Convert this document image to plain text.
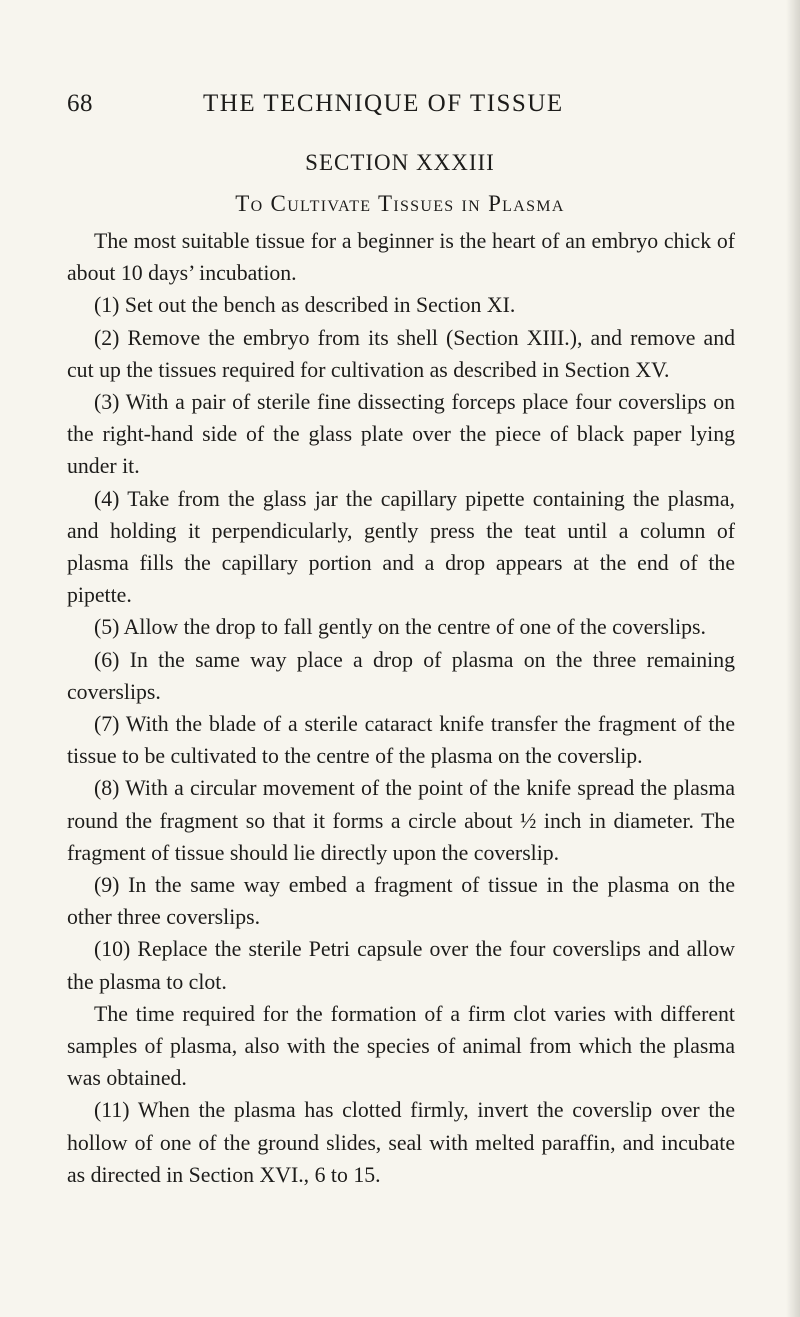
68	THE TECHNIQUE OF TISSUE
SECTION XXXIII
To Cultivate Tissues in Plasma

The most suitable tissue for a beginner is the heart of an embryo chick of about 10 days’ incubation.

(1) Set out the bench as described in Section XI.

(2) Remove the embryo from its shell (Section XIII.), and remove and cut up the tissues required for cultivation as described in Section XV.

(3) With a pair of sterile fine dissecting forceps place four coverslips on the right-hand side of the glass plate over the piece of black paper lying under it.

(4) Take from the glass jar the capillary pipette containing the plasma, and holding it perpendicularly, gently press the teat until a column of plasma fills the capillary portion and a drop appears at the end of the pipette.

(5) Allow the drop to fall gently on the centre of one of the coverslips.

(6) In the same way place a drop of plasma on the three remaining coverslips.

(7) With the blade of a sterile cataract knife transfer the fragment of the tissue to be cultivated to the centre of the plasma on the coverslip.

(8) With a circular movement of the point of the knife spread the plasma round the fragment so that it forms a circle about ½ inch in diameter. The fragment of tissue should lie directly upon the coverslip.

(9) In the same way embed a fragment of tissue in the plasma on the other three coverslips.

(10) Replace the sterile Petri capsule over the four coverslips and allow the plasma to clot.

The time required for the formation of a firm clot varies with different samples of plasma, also with the species of animal from which the plasma was obtained.

(11) When the plasma has clotted firmly, invert the coverslip over the hollow of one of the ground slides, seal with melted paraffin, and incubate as directed in Section XVI., 6 to 15.
